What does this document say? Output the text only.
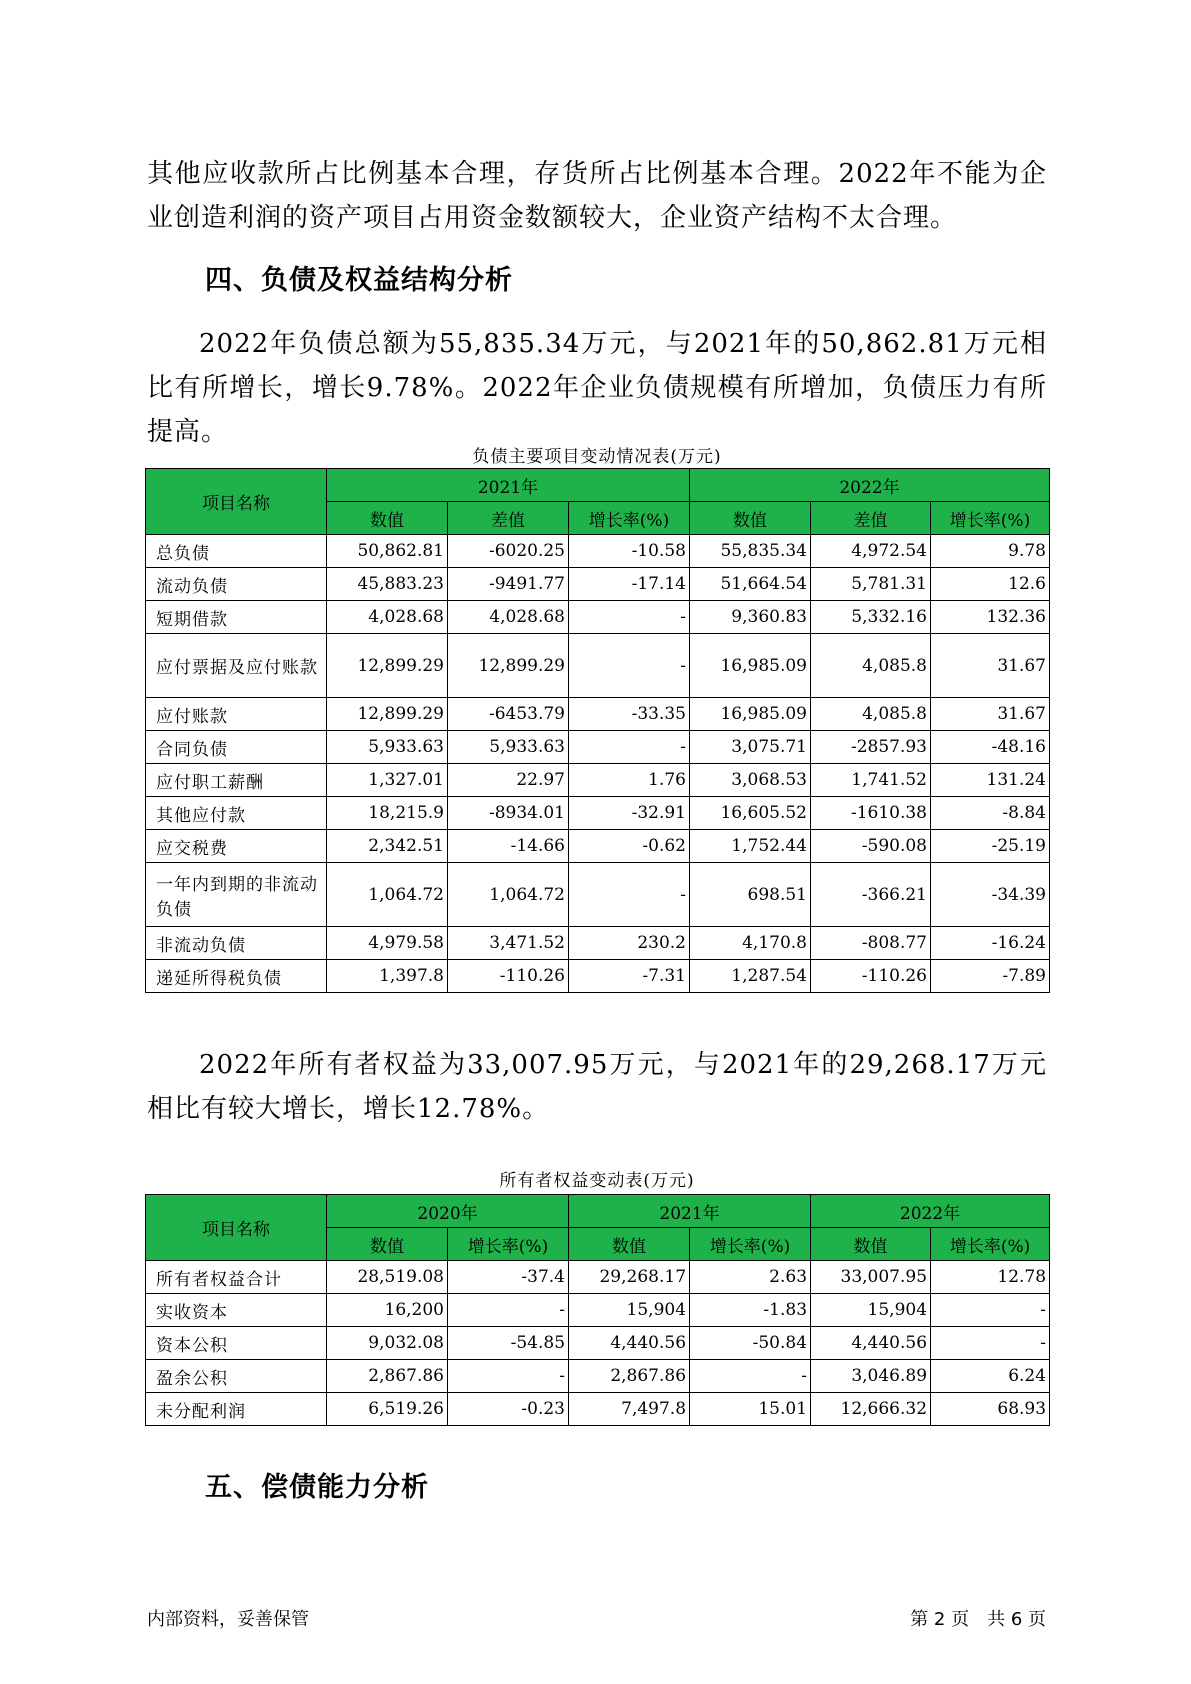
其他应收款所占比例基本合理，存货所占比例基本合理。2022年不能为企业创造利润的资产项目占用资金数额较大，企业资产结构不太合理。

四、负债及权益结构分析

2022年负债总额为55,835.34万元，与2021年的50,862.81万元相比有所增长，增长9.78%。2022年企业负债规模有所增加，负债压力有所提高。

负债主要项目变动情况表(万元)

项目名称	2021年			2022年		
	数值	差值	增长率(%)	数值	差值	增长率(%)
总负债	50,862.81	-6020.25	-10.58	55,835.34	4,972.54	9.78
流动负债	45,883.23	-9491.77	-17.14	51,664.54	5,781.31	12.6
短期借款	4,028.68	4,028.68	-	9,360.83	5,332.16	132.36
应付票据及应付账款	12,899.29	12,899.29	-	16,985.09	4,085.8	31.67
应付账款	12,899.29	-6453.79	-33.35	16,985.09	4,085.8	31.67
合同负债	5,933.63	5,933.63	-	3,075.71	-2857.93	-48.16
应付职工薪酬	1,327.01	22.97	1.76	3,068.53	1,741.52	131.24
其他应付款	18,215.9	-8934.01	-32.91	16,605.52	-1610.38	-8.84
应交税费	2,342.51	-14.66	-0.62	1,752.44	-590.08	-25.19
一年内到期的非流动负债	1,064.72	1,064.72	-	698.51	-366.21	-34.39
非流动负债	4,979.58	3,471.52	230.2	4,170.8	-808.77	-16.24
递延所得税负债	1,397.8	-110.26	-7.31	1,287.54	-110.26	-7.89

2022年所有者权益为33,007.95万元，与2021年的29,268.17万元相比有较大增长，增长12.78%。

所有者权益变动表(万元)

项目名称	2020年		2021年		2022年	
	数值	增长率(%)	数值	增长率(%)	数值	增长率(%)
所有者权益合计	28,519.08	-37.4	29,268.17	2.63	33,007.95	12.78
实收资本	16,200	-	15,904	-1.83	15,904	-
资本公积	9,032.08	-54.85	4,440.56	-50.84	4,440.56	-
盈余公积	2,867.86	-	2,867.86	-	3,046.89	6.24
未分配利润	6,519.26	-0.23	7,497.8	15.01	12,666.32	68.93
五、偿债能力分析

内部资料，妥善保管	第 2 页　共 6 页
